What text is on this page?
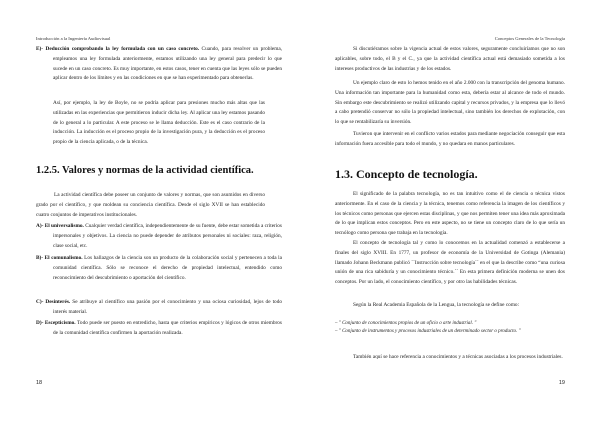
Introducción a la Ingeniería Audiovisual
E)- Deducción comprobando la ley formulada con un caso concreto. Cuando, para resolver un problema, empleamos una ley formulada anteriormente, estamos utilizando una ley general para predecir lo que sucede en un caso concreto. Es muy importante, en estos casos, tener en cuenta que las leyes sólo se pueden aplicar dentro de los límites y en las condiciones en que se han experimentado para obtenerlas.
Así, por ejemplo, la ley de Boyle, no se podría aplicar para presiones mucho más altas que las utilizadas en las experiencias que permitieron inducir dicha ley. Al aplicar una ley estamos pasando de lo general a lo particular. A este proceso se le llama deducción. Este es el caso contrario de la inducción. La inducción es el proceso propio de la investigación pura, y la deducción es el proceso propio de la ciencia aplicada, o de la técnica.
1.2.5. Valores y normas de la actividad científica.
La actividad científica debe poseer un conjunto de valores y normas, que son asumidos en diverso grado por el científico, y que moldean su conciencia científica. Desde el siglo XVII se han establecido cuatro conjuntos de imperativos institucionales.
A)- El universalismo. Cualquier verdad científica, independientemente de su fuente, debe estar sometida a criterios impersonales y objetivos. La ciencia no puede depender de atributos personales ni sociales: raza, religión, clase social, etc.
B)- El comunalismo. Los hallazgos de la ciencia son un producto de la colaboración social y pertenecen a toda la comunidad científica. Sólo se reconoce el derecho de propiedad intelectual, entendido como reconocimiento del descubrimiento o aportación del científico.
C)- Desinterés. Se atribuye al científico una pasión por el conocimiento y una ociosa curiosidad, lejos de todo interés material.
D)- Escepticismo. Todo puede ser puesto en entredicho, hasta que criterios empíricos y lógicos de otros miembros de la comunidad científica confirmen la aportación realizada.
18
Conceptos Generales de la Tecnología
Si discutiéramos sobre la vigencia actual de estos valores, seguramente concluiríamos que no son aplicables, sobre todo, el B y el C., ya que la actividad científica actual está demasiado sometida a los intereses productivos de las industrias y de los estados.
Un ejemplo claro de esto lo hemos tenido en el año 2.000 con la transcripción del genoma humano. Una información tan importante para la humanidad como esta, debería estar al alcance de todo el mundo. Sin embargo este descubrimiento se realizó utilizando capital y recursos privados, y la empresa que lo llevó a cabo pretendió conservar no sólo la propiedad intelectual, sino también los derechos de explotación, con lo que se rentabilizaría su inversión.
Tuvieron que intervenir en el conflicto varios estados para mediante negociación conseguir que esta información fuera accesible para todo el mundo, y no quedara en manos particulares.
1.3. Concepto de tecnología.
El significado de la palabra tecnología, no es tan intuitivo como el de ciencia o técnica vistos anteriormente. En el caso de la ciencia y la técnica, tenemos como referencia la imagen de los científicos y los técnicos como personas que ejercen estas disciplinas, y que nos permiten tener una idea más aproximada de lo que implican estos conceptos. Pero en este aspecto, no se tiene un concepto claro de lo que sería un tecnólogo como persona que trabaja en la tecnología.
El concepto de tecnología tal y como lo conocemos en la actualidad comenzó a establecerse a finales del siglo XVIII. En 1777, un profesor de economía de la Universidad de Gotinga (Alemania) llamado Johann Beckmann publicó ``Instrucción sobre tecnología´´ en el que la describe como “una curiosa unión de una rica sabiduría y un conocimiento técnico.´´ En esta primera definición moderna se unen dos conceptos. Por un lado, el conocimiento científico, y por otro las habilidades técnicas.
Según la Real Academia Española de la Lengua, la tecnología se define como:
– " Conjunto de conocimientos propios de un oficio o arte industrial. "
– " Conjunto de instrumentos y procesos industriales de un determinado sector o producto. "
También aquí se hace referencia a conocimientos y a técnicas asociadas a los procesos industriales.
19
